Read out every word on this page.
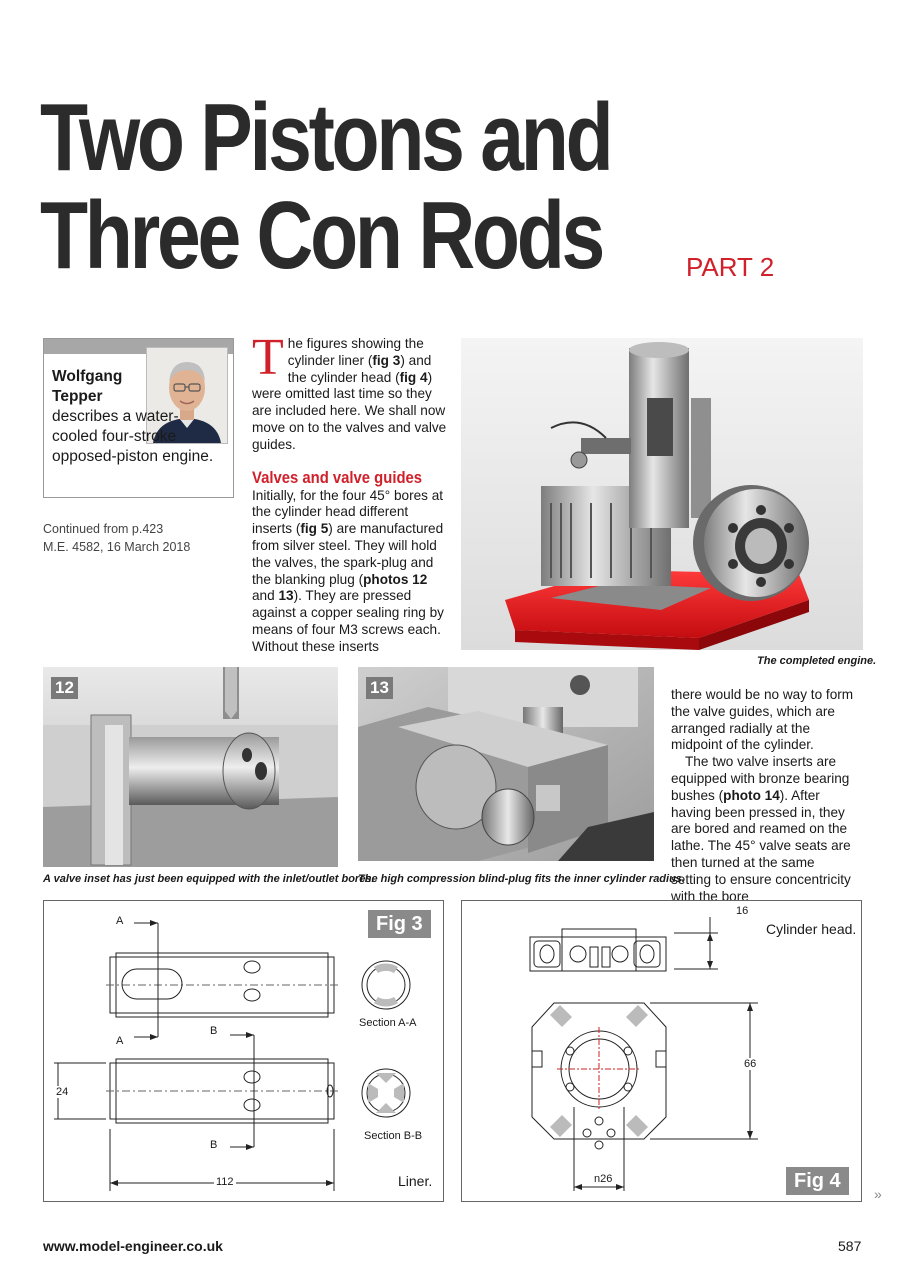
Two Pistons and
Three Con Rods	PART 2
Wolfgang
Tepper
describes a water-cooled four-stroke opposed-piston engine.
Continued from p.423
M.E. 4582, 16 March 2018
The figures showing the cylinder liner (fig 3) and the cylinder head (fig 4) were omitted last time so they are included here. We shall now move on to the valves and valve guides.
Valves and valve guides
Initially, for the four 45° bores at the cylinder head different inserts (fig 5) are manufactured from silver steel. They will hold the valves, the spark-plug and the blanking plug (photos 12 and 13). They are pressed against a copper sealing ring by means of four M3 screws each. Without these inserts
The completed engine.
12
A valve inset has just been equipped with the inlet/outlet bores.
13
The high compression blind-plug fits the inner cylinder radius.
there would be no way to form the valve guides, which are arranged radially at the midpoint of the cylinder.
The two valve inserts are equipped with bronze bearing bushes (photo 14). After having been pressed in, they are bored and reamed on the lathe. The 45° valve seats are then turned at the same setting to ensure concentricity with the bore
Fig 3
A
A
B
B
Section A-A
Section B-B
24
112	Liner.
16
Cylinder head.
66
n26	Fig 4
»
www.model-engineer.co.uk	587
